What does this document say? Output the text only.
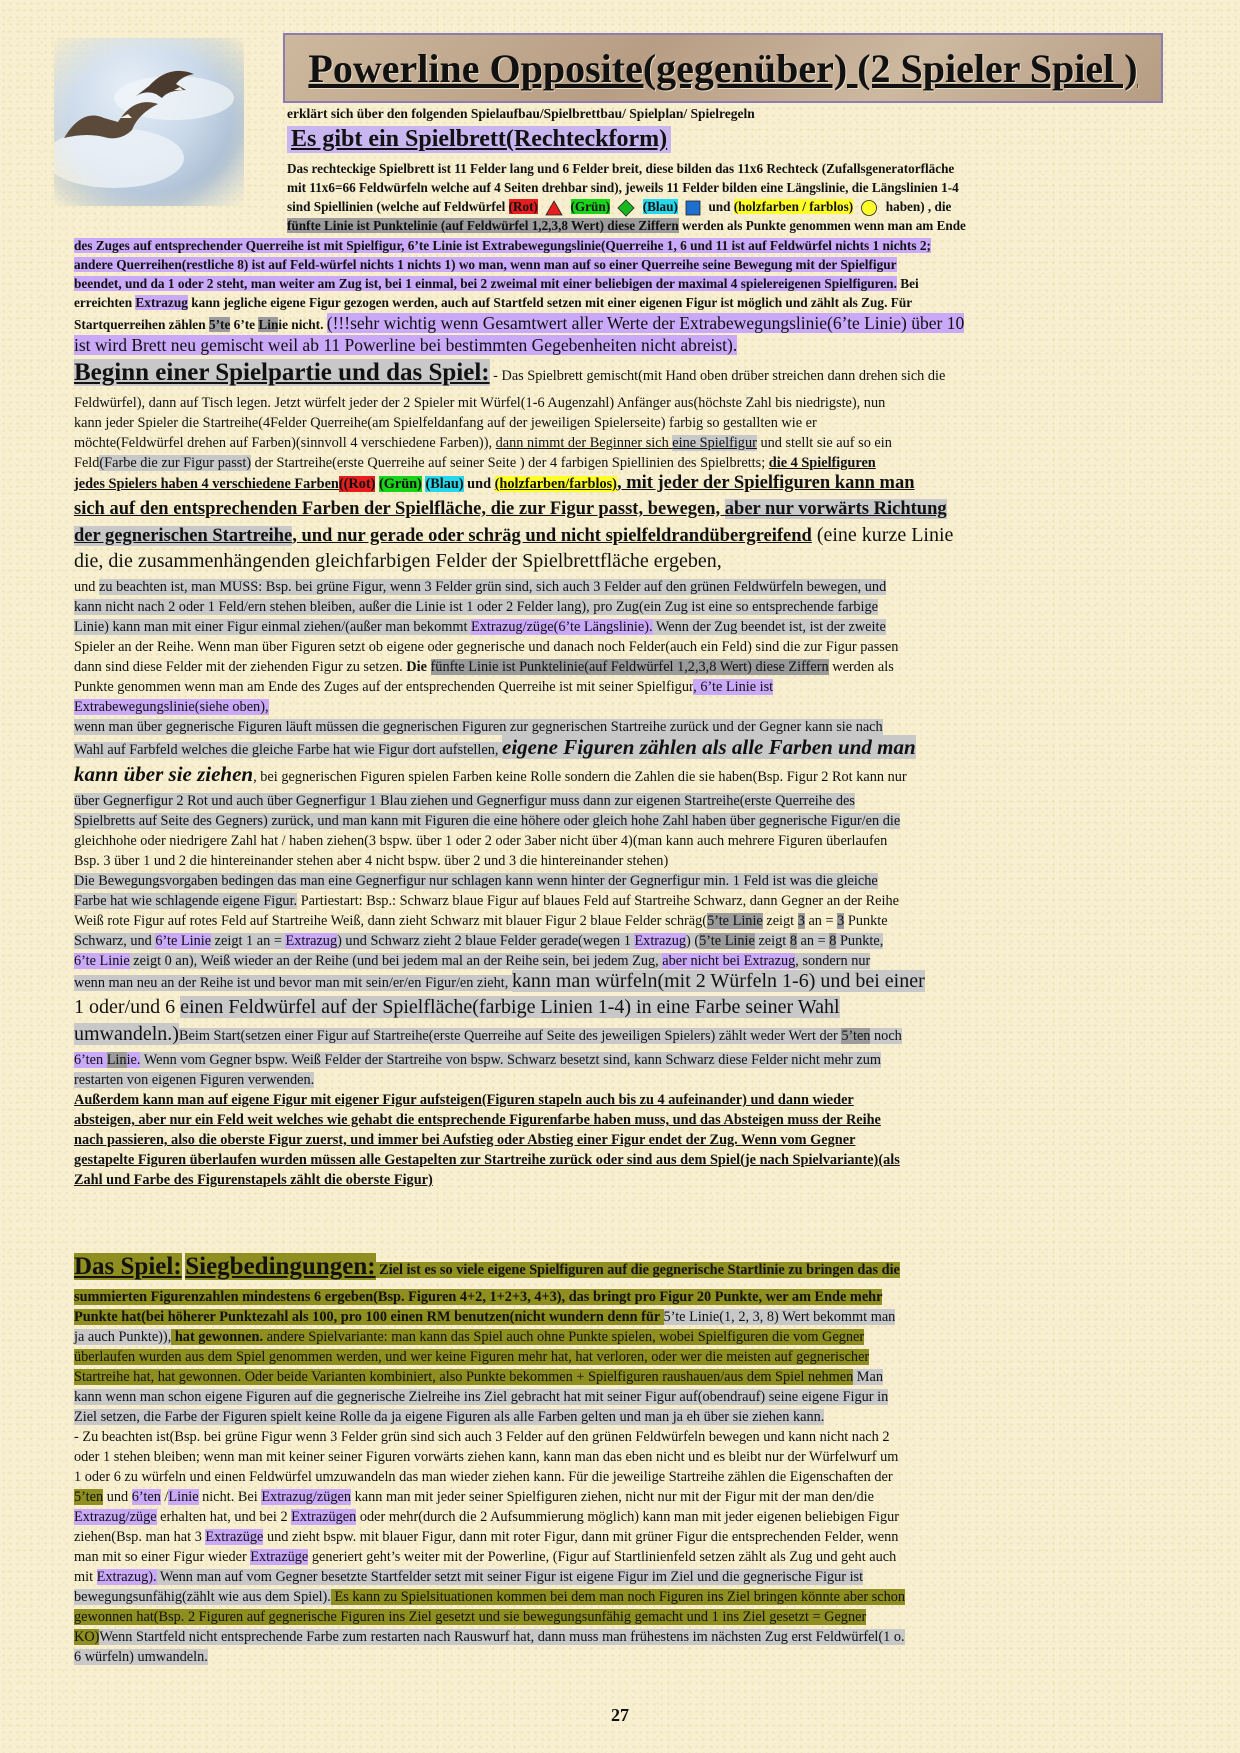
Powerline Opposite(gegenüber) (2 Spieler Spiel )
erklärt sich über den folgenden Spielaufbau/Spielbrettbau/ Spielplan/ Spielregeln
Es gibt ein Spielbrett(Rechteckform)
Das rechteckige Spielbrett ist 11 Felder lang und 6 Felder breit, diese bilden das 11x6 Rechteck (Zufallsgeneratorfläche
mit 11x6=66 Feldwürfeln welche auf 4 Seiten drehbar sind), jeweils 11 Felder bilden eine Längslinie, die Längslinien 1-4
sind Spiellinien (welche auf Feldwürfel (Rot) (Grün) (Blau) und (holzfarben / farblos) haben) , die
fünfte Linie ist Punktelinie (auf Feldwürfel 1,2,3,8 Wert) diese Ziffern werden als Punkte genommen wenn man am Ende
des Zuges auf entsprechender Querreihe ist mit Spielfigur, 6’te Linie ist Extrabewegungslinie(Querreihe 1, 6 und 11 ist auf Feldwürfel nichts 1 nichts 2;
andere Querreihen(restliche 8) ist auf Feld-würfel nichts 1 nichts 1) wo man, wenn man auf so einer Querreihe seine Bewegung mit der Spielfigur
beendet, und da 1 oder 2 steht, man weiter am Zug ist, bei 1 einmal, bei 2 zweimal mit einer beliebigen der maximal 4 spielereigenen Spielfiguren. Bei
erreichten Extrazug kann jegliche eigene Figur gezogen werden, auch auf Startfeld setzen mit einer eigenen Figur ist möglich und zählt als Zug. Für
Startquerreihen zählen 5’te 6’te Linie nicht. (!!!sehr wichtig wenn Gesamtwert aller Werte der Extrabewegungslinie(6’te Linie) über 10
ist wird Brett neu gemischt weil ab 11 Powerline bei bestimmten Gegebenheiten nicht abreist).
Beginn einer Spielpartie und das Spiel: - Das Spielbrett gemischt(mit Hand oben drüber streichen dann drehen sich die
Feldwürfel), dann auf Tisch legen. Jetzt würfelt jeder der 2 Spieler mit Würfel(1-6 Augenzahl) Anfänger aus(höchste Zahl bis niedrigste), nun
kann jeder Spieler die Startreihe(4Felder Querreihe(am Spielfeldanfang auf der jeweiligen Spielerseite) farbig so gestallten wie er
möchte(Feldwürfel drehen auf Farben)(sinnvoll 4 verschiedene Farben)), dann nimmt der Beginner sich eine Spielfigur und stellt sie auf so ein
Feld(Farbe die zur Figur passt) der Startreihe(erste Querreihe auf seiner Seite ) der 4 farbigen Spiellinien des Spielbretts; die 4 Spielfiguren
jedes Spielers haben 4 verschiedene Farben((Rot) (Grün) (Blau) und (holzfarben/farblos), mit jeder der Spielfiguren kann man
sich auf den entsprechenden Farben der Spielfläche, die zur Figur passt, bewegen, aber nur vorwärts Richtung
der gegnerischen Startreihe, und nur gerade oder schräg und nicht spielfeldrandübergreifend (eine kurze Linie
die, die zusammenhängenden gleichfarbigen Felder der Spielbrettfläche ergeben,
und zu beachten ist, man MUSS: Bsp. bei grüne Figur, wenn 3 Felder grün sind, sich auch 3 Felder auf den grünen Feldwürfeln bewegen, und
kann nicht nach 2 oder 1 Feld/ern stehen bleiben, außer die Linie ist 1 oder 2 Felder lang), pro Zug(ein Zug ist eine so entsprechende farbige
Linie) kann man mit einer Figur einmal ziehen/(außer man bekommt Extrazug/züge(6’te Längslinie). Wenn der Zug beendet ist, ist der zweite
Spieler an der Reihe. Wenn man über Figuren setzt ob eigene oder gegnerische und danach noch Felder(auch ein Feld) sind die zur Figur passen
dann sind diese Felder mit der ziehenden Figur zu setzen. Die fünfte Linie ist Punktelinie(auf Feldwürfel 1,2,3,8 Wert) diese Ziffern werden als
Punkte genommen wenn man am Ende des Zuges auf der entsprechenden Querreihe ist mit seiner Spielfigur, 6’te Linie ist
Extrabewegungslinie(siehe oben),
wenn man über gegnerische Figuren läuft müssen die gegnerischen Figuren zur gegnerischen Startreihe zurück und der Gegner kann sie nach
Wahl auf Farbfeld welches die gleiche Farbe hat wie Figur dort aufstellen, eigene Figuren zählen als alle Farben und man
kann über sie ziehen, bei gegnerischen Figuren spielen Farben keine Rolle sondern die Zahlen die sie haben(Bsp. Figur 2 Rot kann nur
über Gegnerfigur 2 Rot und auch über Gegnerfigur 1 Blau ziehen und Gegnerfigur muss dann zur eigenen Startreihe(erste Querreihe des
Spielbretts auf Seite des Gegners) zurück, und man kann mit Figuren die eine höhere oder gleich hohe Zahl haben über gegnerische Figur/en die
gleichhohe oder niedrigere Zahl hat / haben ziehen(3 bspw. über 1 oder 2 oder 3aber nicht über 4)(man kann auch mehrere Figuren überlaufen
Bsp. 3 über 1 und 2 die hintereinander stehen aber 4 nicht bspw. über 2 und 3 die hintereinander stehen)
Die Bewegungsvorgaben bedingen das man eine Gegnerfigur nur schlagen kann wenn hinter der Gegnerfigur min. 1 Feld ist was die gleiche
Farbe hat wie schlagende eigene Figur. Partiestart: Bsp.: Schwarz blaue Figur auf blaues Feld auf Startreihe Schwarz, dann Gegner an der Reihe
Weiß rote Figur auf rotes Feld auf Startreihe Weiß, dann zieht Schwarz mit blauer Figur 2 blaue Felder schräg(5’te Linie zeigt 3 an = 3 Punkte
Schwarz, und 6’te Linie zeigt 1 an = Extrazug) und Schwarz zieht 2 blaue Felder gerade(wegen 1 Extrazug) (5’te Linie zeigt 8 an = 8 Punkte,
6’te Linie zeigt 0 an), Weiß wieder an der Reihe (und bei jedem mal an der Reihe sein, bei jedem Zug, aber nicht bei Extrazug, sondern nur
wenn man neu an der Reihe ist und bevor man mit sein/er/en Figur/en zieht, kann man würfeln(mit 2 Würfeln 1-6) und bei einer
1 oder/und 6 einen Feldwürfel auf der Spielfläche(farbige Linien 1-4) in eine Farbe seiner Wahl
umwandeln.)Beim Start(setzen einer Figur auf Startreihe(erste Querreihe auf Seite des jeweiligen Spielers) zählt weder Wert der 5’ten noch
6’ten Linie. Wenn vom Gegner bspw. Weiß Felder der Startreihe von bspw. Schwarz besetzt sind, kann Schwarz diese Felder nicht mehr zum
restarten von eigenen Figuren verwenden.
Außerdem kann man auf eigene Figur mit eigener Figur aufsteigen(Figuren stapeln auch bis zu 4 aufeinander) und dann wieder
absteigen, aber nur ein Feld weit welches wie gehabt die entsprechende Figurenfarbe haben muss, und das Absteigen muss der Reihe
nach passieren, also die oberste Figur zuerst, und immer bei Aufstieg oder Abstieg einer Figur endet der Zug. Wenn vom Gegner
gestapelte Figuren überlaufen wurden müssen alle Gestapelten zur Startreihe zurück oder sind aus dem Spiel(je nach Spielvariante)(als
Zahl und Farbe des Figurenstapels zählt die oberste Figur)
Das Spiel: Siegbedingungen: Ziel ist es so viele eigene Spielfiguren auf die gegnerische Startlinie zu bringen das die
summierten Figurenzahlen mindestens 6 ergeben(Bsp. Figuren 4+2, 1+2+3, 4+3), das bringt pro Figur 20 Punkte, wer am Ende mehr
Punkte hat(bei höherer Punktezahl als 100, pro 100 einen RM benutzen(nicht wundern denn für 5’te Linie(1, 2, 3, 8) Wert bekommt man
ja auch Punkte)), hat gewonnen. andere Spielvariante: man kann das Spiel auch ohne Punkte spielen, wobei Spielfiguren die vom Gegner
überlaufen wurden aus dem Spiel genommen werden, und wer keine Figuren mehr hat, hat verloren, oder wer die meisten auf gegnerischer
Startreihe hat, hat gewonnen. Oder beide Varianten kombiniert, also Punkte bekommen + Spielfiguren raushauen/aus dem Spiel nehmen Man
kann wenn man schon eigene Figuren auf die gegnerische Zielreihe ins Ziel gebracht hat mit seiner Figur auf(obendrauf) seine eigene Figur in
Ziel setzen, die Farbe der Figuren spielt keine Rolle da ja eigene Figuren als alle Farben gelten und man ja eh über sie ziehen kann.
- Zu beachten ist(Bsp. bei grüne Figur wenn 3 Felder grün sind sich auch 3 Felder auf den grünen Feldwürfeln bewegen und kann nicht nach 2
oder 1 stehen bleiben; wenn man mit keiner seiner Figuren vorwärts ziehen kann, kann man das eben nicht und es bleibt nur der Würfelwurf um
1 oder 6 zu würfeln und einen Feldwürfel umzuwandeln das man wieder ziehen kann. Für die jeweilige Startreihe zählen die Eigenschaften der
5’ten und 6’ten /Linie nicht. Bei Extrazug/zügen kann man mit jeder seiner Spielfiguren ziehen, nicht nur mit der Figur mit der man den/die
Extrazug/züge erhalten hat, und bei 2 Extrazügen oder mehr(durch die 2 Aufsummierung möglich) kann man mit jeder eigenen beliebigen Figur
ziehen(Bsp. man hat 3 Extrazüge und zieht bspw. mit blauer Figur, dann mit roter Figur, dann mit grüner Figur die entsprechenden Felder, wenn
man mit so einer Figur wieder Extrazüge generiert geht’s weiter mit der Powerline, (Figur auf Startlinienfeld setzen zählt als Zug und geht auch
mit Extrazug). Wenn man auf vom Gegner besetzte Startfelder setzt mit seiner Figur ist eigene Figur im Ziel und die gegnerische Figur ist
bewegungsunfähig(zählt wie aus dem Spiel). Es kann zu Spielsituationen kommen bei dem man noch Figuren ins Ziel bringen könnte aber schon
gewonnen hat(Bsp. 2 Figuren auf gegnerische Figuren ins Ziel gesetzt und sie bewegungsunfähig gemacht und 1 ins Ziel gesetzt = Gegner
KO)Wenn Startfeld nicht entsprechende Farbe zum restarten nach Rauswurf hat, dann muss man frühestens im nächsten Zug erst Feldwürfel(1 o.
6 würfeln) umwandeln.
27
